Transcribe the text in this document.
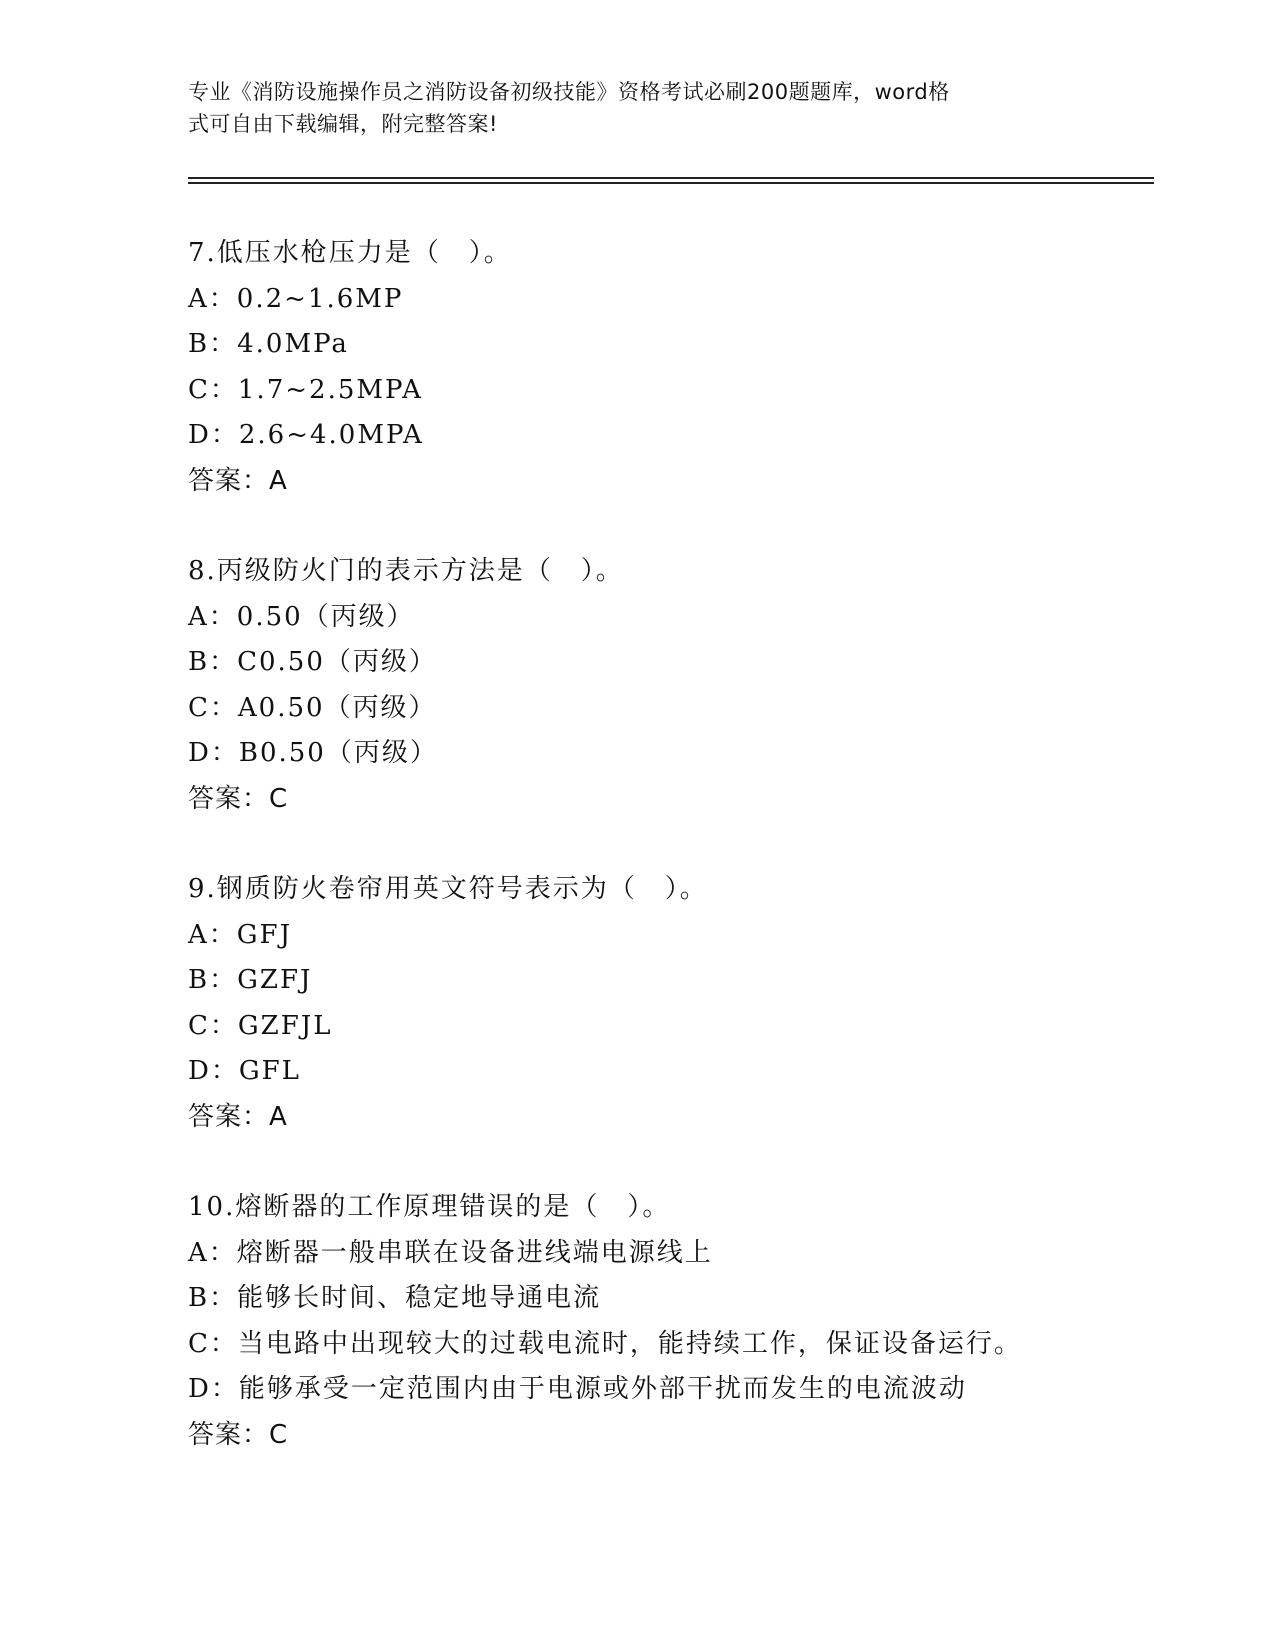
专业《消防设施操作员之消防设备初级技能》资格考试必刷200题题库，word格
式可自由下载编辑，附完整答案!
7.低压水枪压力是（　）。
A：0.2~1.6MP
B：4.0MPa
C：1.7~2.5MPA
D：2.6~4.0MPA
答案：A
8.丙级防火门的表示方法是（　）。
A：0.50（丙级）
B：C0.50（丙级）
C：A0.50（丙级）
D：B0.50（丙级）
答案：C
9.钢质防火卷帘用英文符号表示为（　）。
A：GFJ
B：GZFJ
C：GZFJL
D：GFL
答案：A
10.熔断器的工作原理错误的是（　）。
A：熔断器一般串联在设备进线端电源线上
B：能够长时间、稳定地导通电流
C：当电路中出现较大的过载电流时，能持续工作，保证设备运行。
D：能够承受一定范围内由于电源或外部干扰而发生的电流波动
答案：C
